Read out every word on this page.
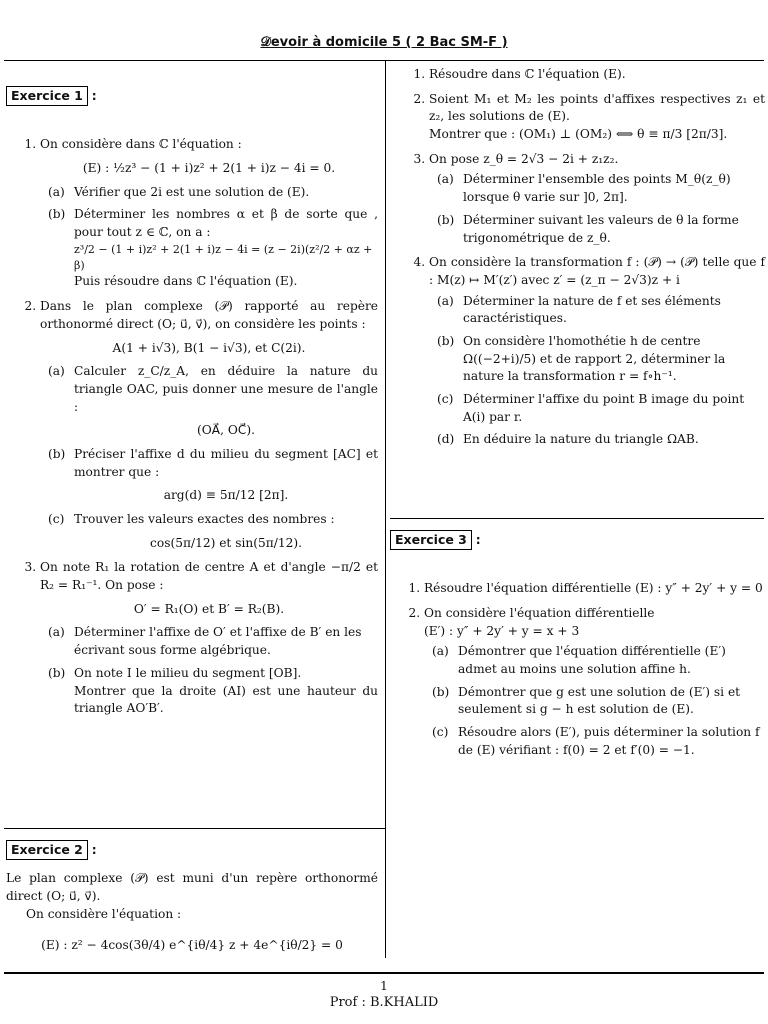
𝒟evoir à domicile 5 ( 2 Bac SM-F )
Exercice 1 :

1. On considère dans ℂ l'équation :

(E) : ½z³ − (1 + i)z² + 2(1 + i)z − 4i = 0.
(a) Vérifier que 2i est une solution de (E).
(b) Déterminer les nombres α et β de sorte que , pour tout z ∈ ℂ, on a :

z³/2 − (1 + i)z² + 2(1 + i)z − 4i = (z − 2i)(z²/2 + αz + β)

Puis résoudre dans ℂ l'équation (E).

2. Dans le plan complexe (𝒫) rapporté au repère orthonormé direct (O; u⃗, v⃗), on considère les points :

A(1 + i√3), B(1 − i√3), et C(2i).
(a) Calculer z_C/z_A, en déduire la nature du triangle OAC, puis donner une mesure de l'angle :

(OA⃗, OC⃗).
(b) Préciser l'affixe d du milieu du segment [AC] et montrer que :

arg(d) ≡ 5π/12 [2π].
(c) Trouver les valeurs exactes des nombres :

cos(5π/12) et sin(5π/12).

3. On note R₁ la rotation de centre A et d'angle −π/2 et R₂ = R₁⁻¹. On pose :

O′ = R₁(O) et B′ = R₂(B).
(a) Déterminer l'affixe de O′ et l'affixe de B′ en les écrivant sous forme algébrique.
(b) On note I le milieu du segment [OB].

Montrer que la droite (AI) est une hauteur du triangle AO′B′.

Exercice 2 :

Le plan complexe (𝒫) est muni d'un repère orthonormé direct (O; u⃗, v⃗).

On considère l'équation :

(E) : z² − 4cos(3θ/4) e^{iθ/4} z + 4e^{iθ/2} = 0
1. Résoudre dans ℂ l'équation (E).

2. Soient M₁ et M₂ les points d'affixes respectives z₁ et z₂, les solutions de (E).

Montrer que : (OM₁) ⊥ (OM₂) ⟺ θ ≡ π/3 [2π/3].

3. On pose z_θ = 2√3 − 2i + z₁z₂.

(a) Déterminer l'ensemble des points M_θ(z_θ) lorsque θ varie sur ]0, 2π].
(b) Déterminer suivant les valeurs de θ la forme trigonométrique de z_θ.

4. On considère la transformation f : (𝒫) → (𝒫) telle que f : M(z) ↦ M′(z′) avec z′ = (z_π − 2√3)z + i

(a) Déterminer la nature de f et ses éléments caractéristiques.
(b) On considère l'homothétie h de centre Ω((−2+i)/5) et de rapport 2, déterminer la nature la transformation r = f∘h⁻¹.
(c) Déterminer l'affixe du point B image du point A(i) par r.
(d) En déduire la nature du triangle ΩAB.
Exercice 3 :
1. Résoudre l'équation différentielle (E) : y″ + 2y′ + y = 0

2. On considère l'équation différentielle

(E′) : y″ + 2y′ + y = x + 3

(a) Démontrer que l'équation différentielle (E′) admet au moins une solution affine h.
(b) Démontrer que g est une solution de (E′) si et seulement si g − h est solution de (E).
(c) Résoudre alors (E′), puis déterminer la solution f de (E) vérifiant : f(0) = 2 et f′(0) = −1.
1
Prof : B.KHALID
